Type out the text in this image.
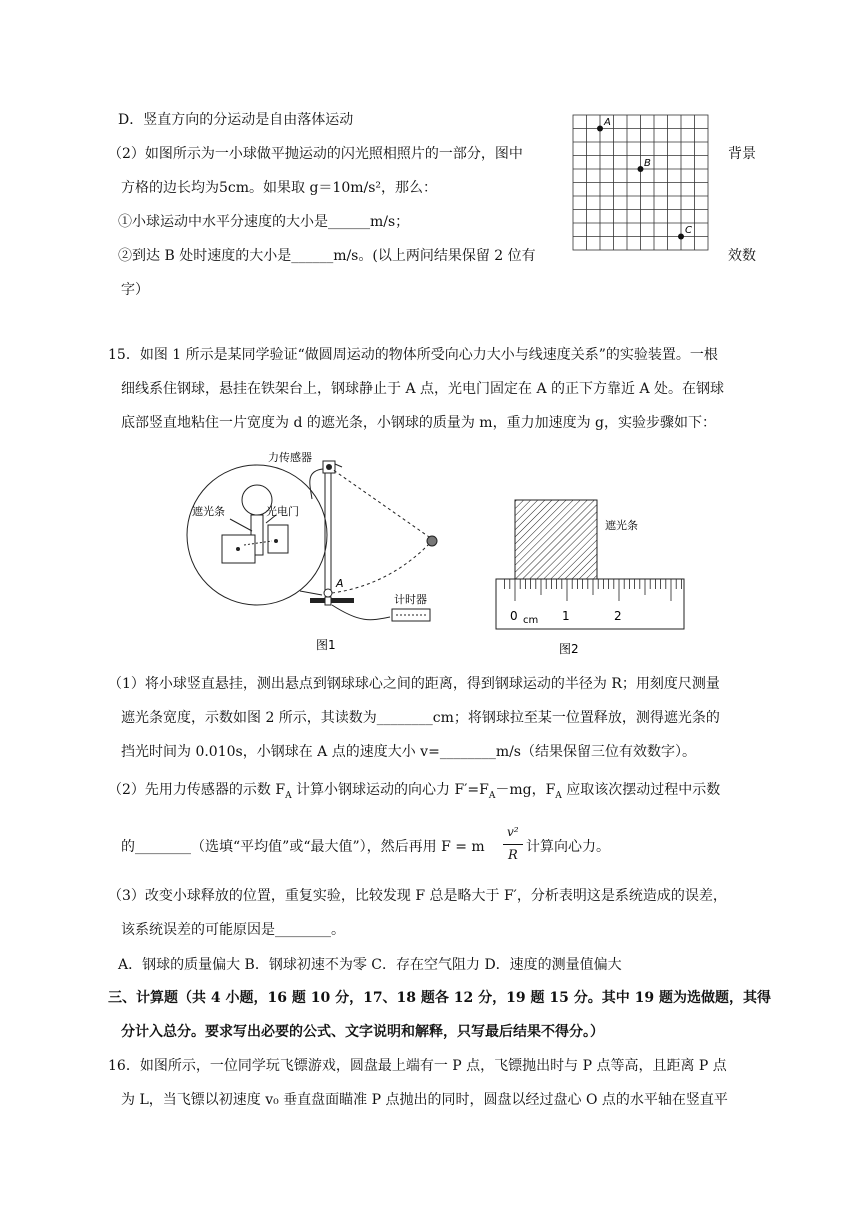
D．竖直方向的分运动是自由落体运动
（2）如图所示为一小球做平抛运动的闪光照相照片的一部分，图中	背景
方格的边长均为5cm。如果取 g＝10m/s²，那么：
①小球运动中水平分速度的大小是______m/s；
②到达 B 处时速度的大小是______m/s。(以上两问结果保留 2 位有	效数
字）
A
B
C
15．如图 1 所示是某同学验证“做圆周运动的物体所受向心力大小与线速度关系”的实验装置。一根
细线系住钢球，悬挂在铁架台上，钢球静止于 A 点，光电门固定在 A 的正下方靠近 A 处。在钢球
底部竖直地粘住一片宽度为 d 的遮光条，小钢球的质量为 m，重力加速度为 g，实验步骤如下：
力传感器
遮光条	光电门
A
计时器
图1
遮光条
0	1	2
cm
图2
（1）将小球竖直悬挂，测出悬点到钢球球心之间的距离，得到钢球运动的半径为 R；用刻度尺测量
遮光条宽度，示数如图 2 所示，其读数为________cm；将钢球拉至某一位置释放，测得遮光条的
挡光时间为 0.010s，小钢球在 A 点的速度大小 v=________m/s（结果保留三位有效数字）。
（2）先用力传感器的示数 $F_A$ 计算小钢球运动的向心力 $F'=F_A-mg$，$F_A$ 应取该次摆动过程中示数
的________（选填“平均值”或“最大值”），然后再用 F = m
v²
R
计算向心力。
（3）改变小球释放的位置，重复实验，比较发现 F 总是略大于 F′，分析表明这是系统造成的误差，
该系统误差的可能原因是________。
A．钢球的质量偏大 B．钢球初速不为零 C．存在空气阻力 D．速度的测量值偏大
三、计算题（共 4 小题，16 题 10 分，17、18 题各 12 分，19 题 15 分。其中 19 题为选做题，其得
分计入总分。要求写出必要的公式、文字说明和解释，只写最后结果不得分。）
16．如图所示，一位同学玩飞镖游戏，圆盘最上端有一 P 点，飞镖抛出时与 P 点等高，且距离 P 点
为 L，当飞镖以初速度 v₀ 垂直盘面瞄准 P 点抛出的同时，圆盘以经过盘心 O 点的水平轴在竖直平
